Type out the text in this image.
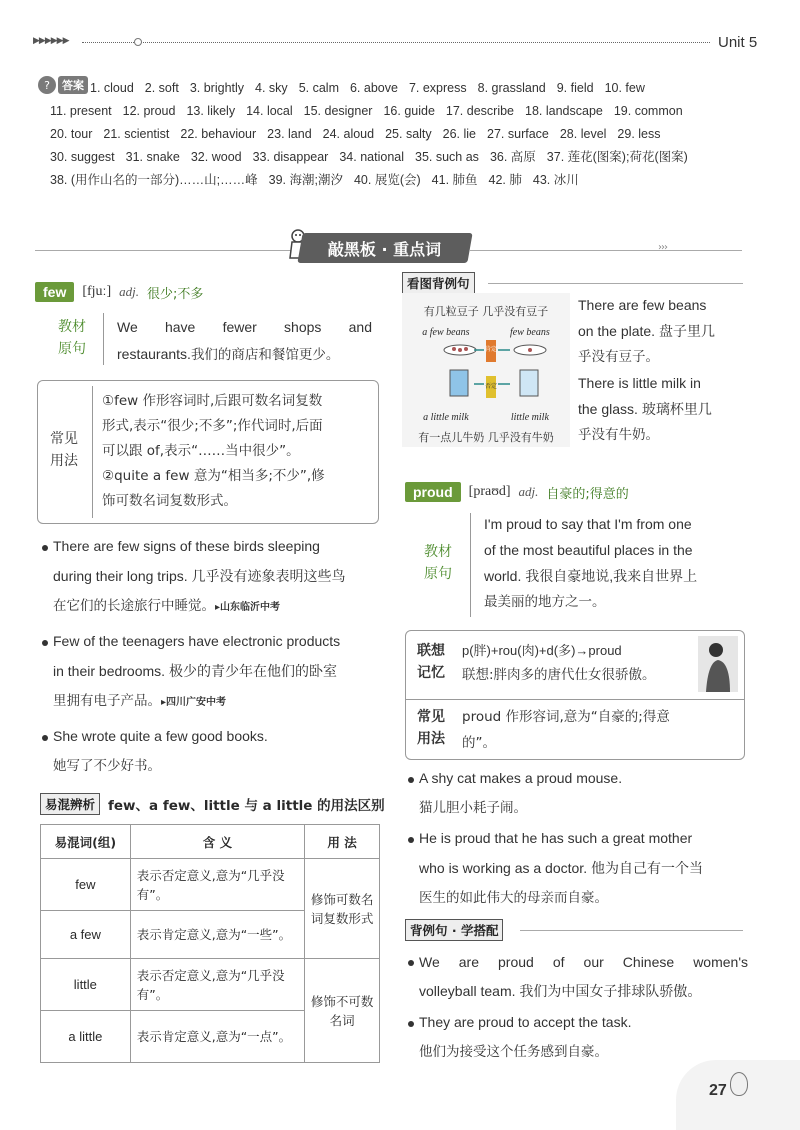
▶▶▶▶▶▶	Unit 5
?	答案 1. cloud 2. soft 3. brightly 4. sky 5. calm 6. above 7. express 8. grassland 9. field 10. few
11. present 12. proud 13. likely 14. local 15. designer 16. guide 17. describe 18. landscape 19. common
20. tour 21. scientist 22. behaviour 23. land 24. aloud 25. salty 26. lie 27. surface 28. level 29. less
30. suggest 31. snake 32. wood 33. disappear 34. national 35. such as 36. 高原 37. 莲花(图案);荷花(图案)
38. (用作山名的一部分)……山;……峰 39. 海潮;潮汐 40. 展览(会) 41. 肺鱼 42. 肺 43. 冰川
敲黑板 · 重点词	›››
few	[fjuː] adj. 很少;不多
教材
原句
We have fewer shops and
restaurants.我们的商店和餐馆更少。
常见
用法
①few 作形容词时,后跟可数名词复数
形式,表示“很少;不多”;作代词时,后面
可以跟 of,表示“……当中很少”。
②quite a few 意为“相当多;不少”,修
饰可数名词复数形式。
There are few signs of these birds sleeping
during their long trips. 几乎没有迹象表明这些鸟
在它们的长途旅行中睡觉。▸山东临沂中考
Few of the teenagers have electronic products
in their bedrooms. 极少的青少年在他们的卧室
里拥有电子产品。▸四川广安中考
She wrote quite a few good books.
她写了不少好书。
易混辨析 few、a few、little 与 a little 的用法区别
易混词(组)	含 义	用 法
few	表示否定意义,意为“几乎没有”。	修饰可数名词复数形式
a few	表示肯定意义,意为“一些”。	
little	表示否定意义,意为“几乎没有”。	修饰不可数名词
a little	表示肯定意义,意为“一点”。	
看图背例句
有几粒豆子 几乎没有豆子
a few beans	few beans
肯定
否定
a little milk	little milk
有一点儿牛奶 几乎没有牛奶
There are few beans
on the plate. 盘子里几
乎没有豆子。
There is little milk in
the glass. 玻璃杯里几
乎没有牛奶。
proud	[praʊd] adj. 自豪的;得意的
教材
原句
I'm proud to say that I'm from one
of the most beautiful places in the
world. 我很自豪地说,我来自世界上
最美丽的地方之一。
联想
记忆
p(胖)+rou(肉)+d(多)→proud
联想:胖肉多的唐代仕女很骄傲。
常见
用法
proud 作形容词,意为“自豪的;得意
的”。
A shy cat makes a proud mouse.
猫儿胆小耗子闹。
He is proud that he has such a great mother
who is working as a doctor. 他为自己有一个当
医生的如此伟大的母亲而自豪。
背例句 · 学搭配
We are proud of our Chinese women's
volleyball team. 我们为中国女子排球队骄傲。
They are proud to accept the task.
他们为接受这个任务感到自豪。
27
